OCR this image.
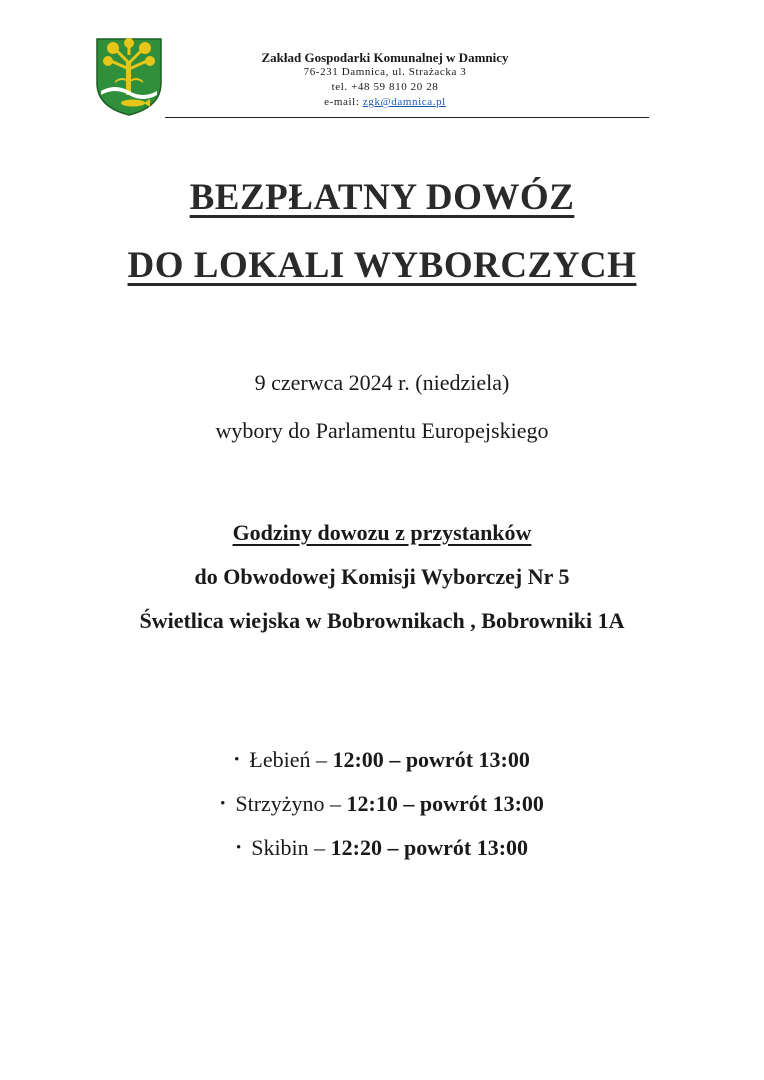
Zakład Gospodarki Komunalnej w Damnicy
76-231 Damnica, ul. Strażacka 3
tel. +48 59 810 20 28
e-mail: zgk@damnica.pl
BEZPŁATNY DOWÓZ
DO LOKALI WYBORCZYCH
9 czerwca 2024 r. (niedziela)
wybory do Parlamentu Europejskiego
Godziny dowozu z przystanków
do Obwodowej Komisji Wyborczej Nr 5
Świetlica wiejska w Bobrownikach , Bobrowniki 1A
• Łebień – 12:00 – powrót 13:00
• Strzyżyno – 12:10 – powrót 13:00
• Skibin – 12:20 – powrót 13:00
